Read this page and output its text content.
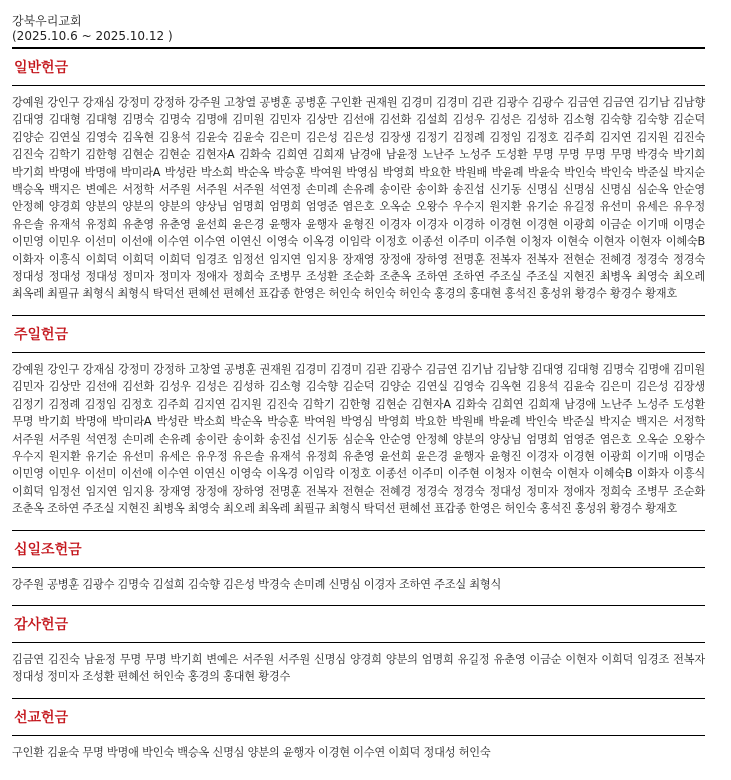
강북우리교회
(2025.10.6 ~ 2025.10.12 )
일반헌금
강예원 강인구 강재심 강정미 강정하 강주원 고창열 공병훈 공병훈 구인환 권재원 김경미 김경미 김관 김광수 김광수 김금연 김금연 김기남 김남향 김대영 김대형 김대형 김명숙 김명숙 김명애 김미원 김민자 김상만 김선애 김선화 김설희 김성우 김성은 김성하 김소형 김숙향 김숙향 김순덕 김양순 김연실 김영숙 김옥현 김용석 김윤숙 김윤숙 김은미 김은성 김은성 김장생 김정기 김정례 김정임 김정호 김주희 김지연 김지원 김진숙 김진숙 김학기 김한형 김현순 김현순 김현자A 김화숙 김희연 김희재 남경애 남윤정 노난주 노성주 도성환 무명 무명 무명 무명 박경숙 박기희 박기희 박명애 박명애 박미라A 박성란 박소희 박순옥 박승훈 박여원 박영심 박영희 박요한 박원배 박윤례 박윤숙 박인숙 박인숙 박준실 박지순 백승옥 백지은 변예은 서정학 서주원 서주원 서주원 석연정 손미례 손유례 송이란 송이화 송진섭 신기동 신명심 신명심 신명심 심순옥 안순영 안정혜 양경희 양분의 양분의 양분의 양상님 엄명희 엄명희 엄영준 염은호 오옥순 오왕수 우수지 원지환 유기순 유길정 유선미 유세은 유우정 유은솔 유재석 유정희 유춘영 유춘영 윤선희 윤은경 윤행자 윤행자 윤형진 이경자 이경자 이경하 이경현 이경현 이광희 이금순 이기매 이명순 이민영 이민우 이선미 이선애 이수연 이수연 이연신 이영숙 이옥경 이임락 이정호 이종선 이주미 이주현 이청자 이현숙 이현자 이현자 이혜숙B 이화자 이흥식 이희덕 이희덕 이희덕 임경조 임정선 임지연 임지용 장재영 장정애 장하영 전명훈 전복자 전복자 전현순 전혜경 정경숙 정경숙 정대성 정대성 정대성 정미자 정미자 정애자 정희숙 조병무 조성환 조순화 조춘옥 조하연 조하연 주조실 주조실 지현진 최병옥 최영숙 최오레 최옥레 최필규 최형식 최형식 탁덕선 편혜선 편혜선 표갑종 한영은 허인숙 허인숙 허인숙 홍경의 홍대현 홍석진 홍성위 황경수 황경수 황재호
주일헌금
강예원 강인구 강재심 강정미 강정하 고창열 공병훈 권재원 김경미 김경미 김관 김광수 김금연 김기남 김남향 김대영 김대형 김명숙 김명애 김미원 김민자 김상만 김선애 김선화 김성우 김성은 김성하 김소형 김숙향 김순덕 김양순 김연실 김영숙 김옥현 김용석 김윤숙 김은미 김은성 김장생 김정기 김정례 김정임 김정호 김주희 김지연 김지원 김진숙 김학기 김한형 김현순 김현자A 김화숙 김희연 김희재 남경애 노난주 노성주 도성환 무명 박기희 박명애 박미라A 박성란 박소희 박순옥 박승훈 박여원 박영심 박영희 박요한 박원배 박윤례 박인숙 박준실 박지순 백지은 서정학 서주원 서주원 석연정 손미례 손유례 송이란 송이화 송진섭 신기동 심순옥 안순영 안정혜 양분의 양상님 엄명희 엄영준 염은호 오옥순 오왕수 우수지 원지환 유기순 유선미 유세은 유우정 유은솔 유재석 유정희 유춘영 윤선희 윤은경 윤행자 윤형진 이경자 이경현 이광희 이기매 이명순 이민영 이민우 이선미 이선애 이수연 이연신 이영숙 이옥경 이임락 이정호 이종선 이주미 이주현 이청자 이현숙 이현자 이혜숙B 이화자 이흥식 이희덕 임정선 임지연 임지용 장재영 장정애 장하영 전명훈 전복자 전현순 전혜경 정경숙 정경숙 정대성 정미자 정애자 정희숙 조병무 조순화 조춘옥 조하연 주조실 지현진 최병옥 최영숙 최오레 최옥레 최필규 최형식 탁덕선 편혜선 표갑종 한영은 허인숙 홍석진 홍성위 황경수 황재호
십일조헌금
강주원 공병훈 김광수 김명숙 김설희 김숙향 김은성 박경숙 손미례 신명심 이경자 조하연 주조실 최형식
감사헌금
김금연 김진숙 남윤정 무명 무명 박기희 변예은 서주원 서주원 신명심 양경희 양분의 엄명희 유길정 유춘영 이금순 이현자 이희덕 임경조 전복자 정대성 정미자 조성환 편혜선 허인숙 홍경의 홍대현 황경수
선교헌금
구인환 김윤숙 무명 박명애 박인숙 백승옥 신명심 양분의 윤행자 이경현 이수연 이희덕 정대성 허인숙
